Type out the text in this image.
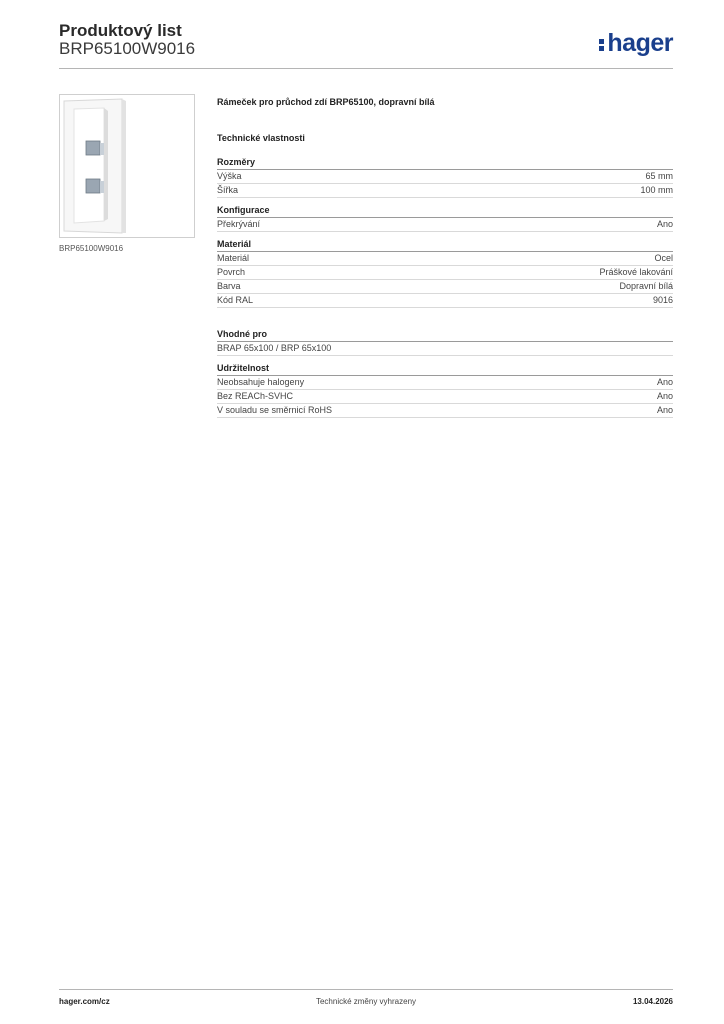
Produktový list
BRP65100W9016	hager
BRP65100W9016
Rámeček pro průchod zdí BRP65100, dopravní bílá
Technické vlastnosti
Rozměry
Výška	65 mm
Šířka	100 mm
Konfigurace
Překrývání	Ano
Materiál
Materiál	Ocel
Povrch	Práškové lakování
Barva	Dopravní bílá
Kód RAL	9016
Vhodné pro
BRAP 65x100 / BRP 65x100
Udržitelnost
Neobsahuje halogeny	Ano
Bez REACh-SVHC	Ano
V souladu se směrnicí RoHS	Ano
hager.com/cz	Technické změny vyhrazeny	13.04.2026
